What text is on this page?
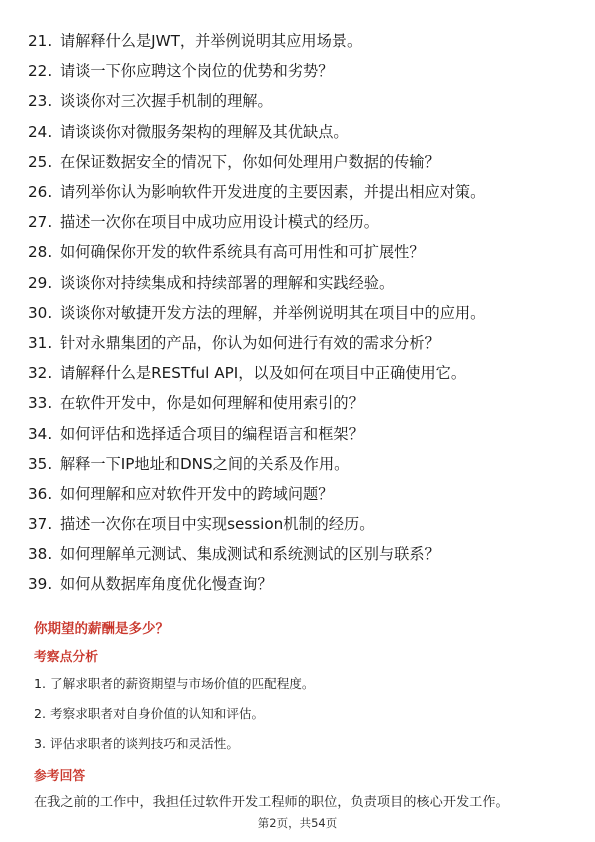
21. 请解释什么是JWT，并举例说明其应用场景。
22. 请谈一下你应聘这个岗位的优势和劣势？
23. 谈谈你对三次握手机制的理解。
24. 请谈谈你对微服务架构的理解及其优缺点。
25. 在保证数据安全的情况下，你如何处理用户数据的传输？
26. 请列举你认为影响软件开发进度的主要因素，并提出相应对策。
27. 描述一次你在项目中成功应用设计模式的经历。
28. 如何确保你开发的软件系统具有高可用性和可扩展性？
29. 谈谈你对持续集成和持续部署的理解和实践经验。
30. 谈谈你对敏捷开发方法的理解，并举例说明其在项目中的应用。
31. 针对永鼎集团的产品，你认为如何进行有效的需求分析？
32. 请解释什么是RESTful API，以及如何在项目中正确使用它。
33. 在软件开发中，你是如何理解和使用索引的？
34. 如何评估和选择适合项目的编程语言和框架？
35. 解释一下IP地址和DNS之间的关系及作用。
36. 如何理解和应对软件开发中的跨域问题？
37. 描述一次你在项目中实现session机制的经历。
38. 如何理解单元测试、集成测试和系统测试的区别与联系？
39. 如何从数据库角度优化慢查询？
你期望的薪酬是多少？
考察点分析
1. 了解求职者的薪资期望与市场价值的匹配程度。
2. 考察求职者对自身价值的认知和评估。
3. 评估求职者的谈判技巧和灵活性。
参考回答
在我之前的工作中，我担任过软件开发工程师的职位，负责项目的核心开发工作。
第2页，共54页
